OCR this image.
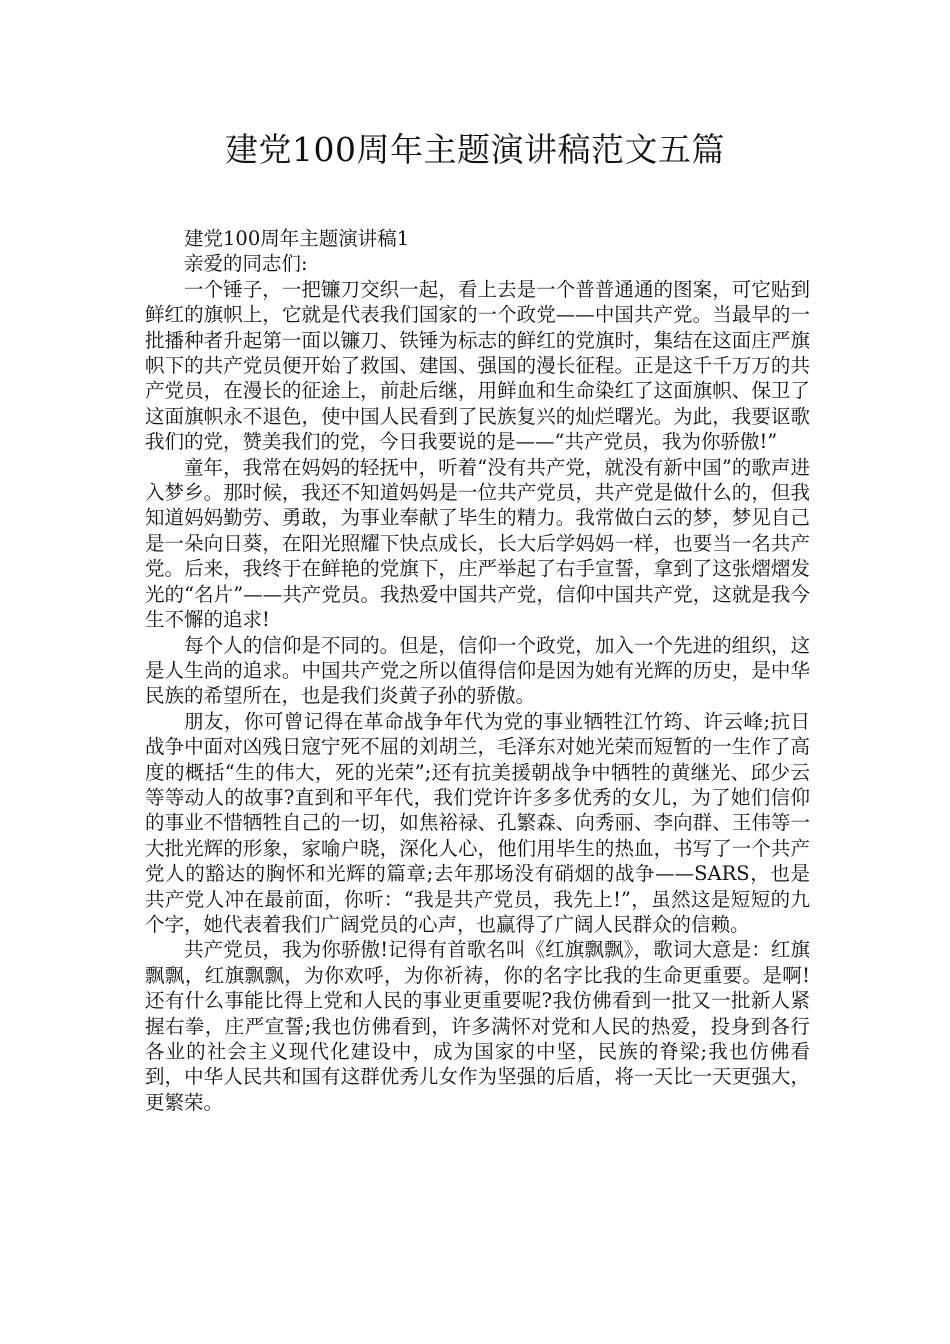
建党100周年主题演讲稿范文五篇

建党100周年主题演讲稿1

亲爱的同志们:

一个锤子，一把镰刀交织一起，看上去是一个普普通通的图案，可它贴到鲜红的旗帜上，它就是代表我们国家的一个政党——中国共产党。当最早的一批播种者升起第一面以镰刀、铁锤为标志的鲜红的党旗时，集结在这面庄严旗帜下的共产党员便开始了救国、建国、强国的漫长征程。正是这千千万万的共产党员，在漫长的征途上，前赴后继，用鲜血和生命染红了这面旗帜、保卫了这面旗帜永不退色，使中国人民看到了民族复兴的灿烂曙光。为此，我要讴歌我们的党，赞美我们的党，今日我要说的是——“共产党员，我为你骄傲!”

童年，我常在妈妈的轻抚中，听着“没有共产党，就没有新中国”的歌声进入梦乡。那时候，我还不知道妈妈是一位共产党员，共产党是做什么的，但我知道妈妈勤劳、勇敢，为事业奉献了毕生的精力。我常做白云的梦，梦见自己是一朵向日葵，在阳光照耀下快点成长，长大后学妈妈一样，也要当一名共产党。后来，我终于在鲜艳的党旗下，庄严举起了右手宣誓，拿到了这张熠熠发光的“名片”——共产党员。我热爱中国共产党，信仰中国共产党，这就是我今生不懈的追求!

每个人的信仰是不同的。但是，信仰一个政党，加入一个先进的组织，这是人生尚的追求。中国共产党之所以值得信仰是因为她有光辉的历史，是中华民族的希望所在，也是我们炎黄子孙的骄傲。

朋友，你可曾记得在革命战争年代为党的事业牺牲江竹筠、许云峰;抗日战争中面对凶残日寇宁死不屈的刘胡兰，毛泽东对她光荣而短暂的一生作了高度的概括“生的伟大，死的光荣”;还有抗美援朝战争中牺牲的黄继光、邱少云等等动人的故事?直到和平年代，我们党许许多多优秀的女儿，为了她们信仰的事业不惜牺牲自己的一切，如焦裕禄、孔繁森、向秀丽、李向群、王伟等一大批光辉的形象，家喻户晓，深化人心，他们用毕生的热血，书写了一个共产党人的豁达的胸怀和光辉的篇章;去年那场没有硝烟的战争——SARS，也是共产党人冲在最前面，你听：“我是共产党员，我先上!”，虽然这是短短的九个字，她代表着我们广阔党员的心声，也赢得了广阔人民群众的信赖。

共产党员，我为你骄傲!记得有首歌名叫《红旗飘飘》，歌词大意是：红旗飘飘，红旗飘飘，为你欢呼，为你祈祷，你的名字比我的生命更重要。是啊!还有什么事能比得上党和人民的事业更重要呢?我仿佛看到一批又一批新人紧握右拳，庄严宣誓;我也仿佛看到，许多满怀对党和人民的热爱，投身到各行各业的社会主义现代化建设中，成为国家的中坚，民族的脊梁;我也仿佛看到，中华人民共和国有这群优秀儿女作为坚强的后盾，将一天比一天更强大，更繁荣。
